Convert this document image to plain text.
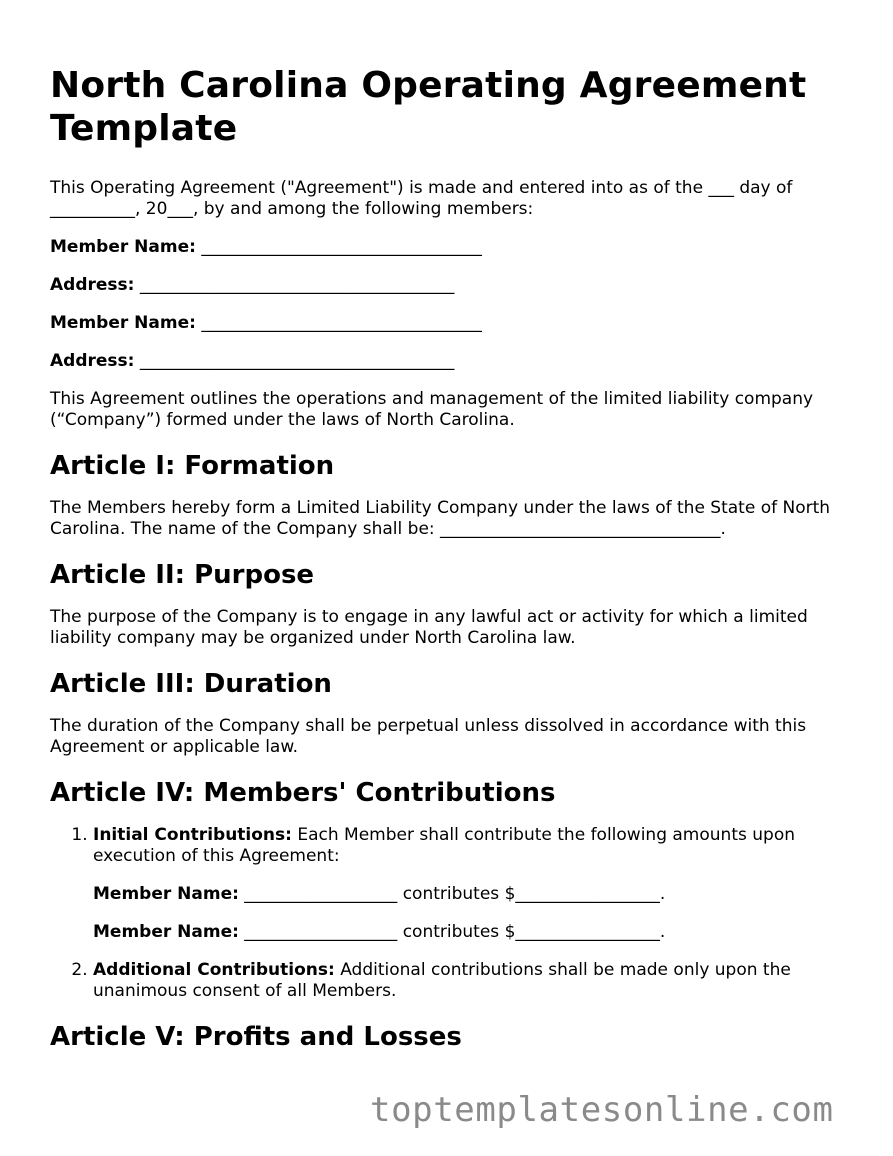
North Carolina Operating Agreement Template

This Operating Agreement ("Agreement") is made and entered into as of the ___ day of __________, 20___, by and among the following members:

Member Name: _________________________________
Address: _____________________________________
Member Name: _________________________________
Address: _____________________________________

This Agreement outlines the operations and management of the limited liability company (“Company”) formed under the laws of North Carolina.

Article I: Formation

The Members hereby form a Limited Liability Company under the laws of the State of North Carolina. The name of the Company shall be: _________________________________.

Article II: Purpose

The purpose of the Company is to engage in any lawful act or activity for which a limited liability company may be organized under North Carolina law.

Article III: Duration

The duration of the Company shall be perpetual unless dissolved in accordance with this Agreement or applicable law.

Article IV: Members' Contributions
1. Initial Contributions: Each Member shall contribute the following amounts upon execution of this Agreement:
Member Name: __________________ contributes $_________________.
Member Name: __________________ contributes $_________________.
2. Additional Contributions: Additional contributions shall be made only upon the unanimous consent of all Members.
Article V: Profits and Losses
toptemplatesonline.com
